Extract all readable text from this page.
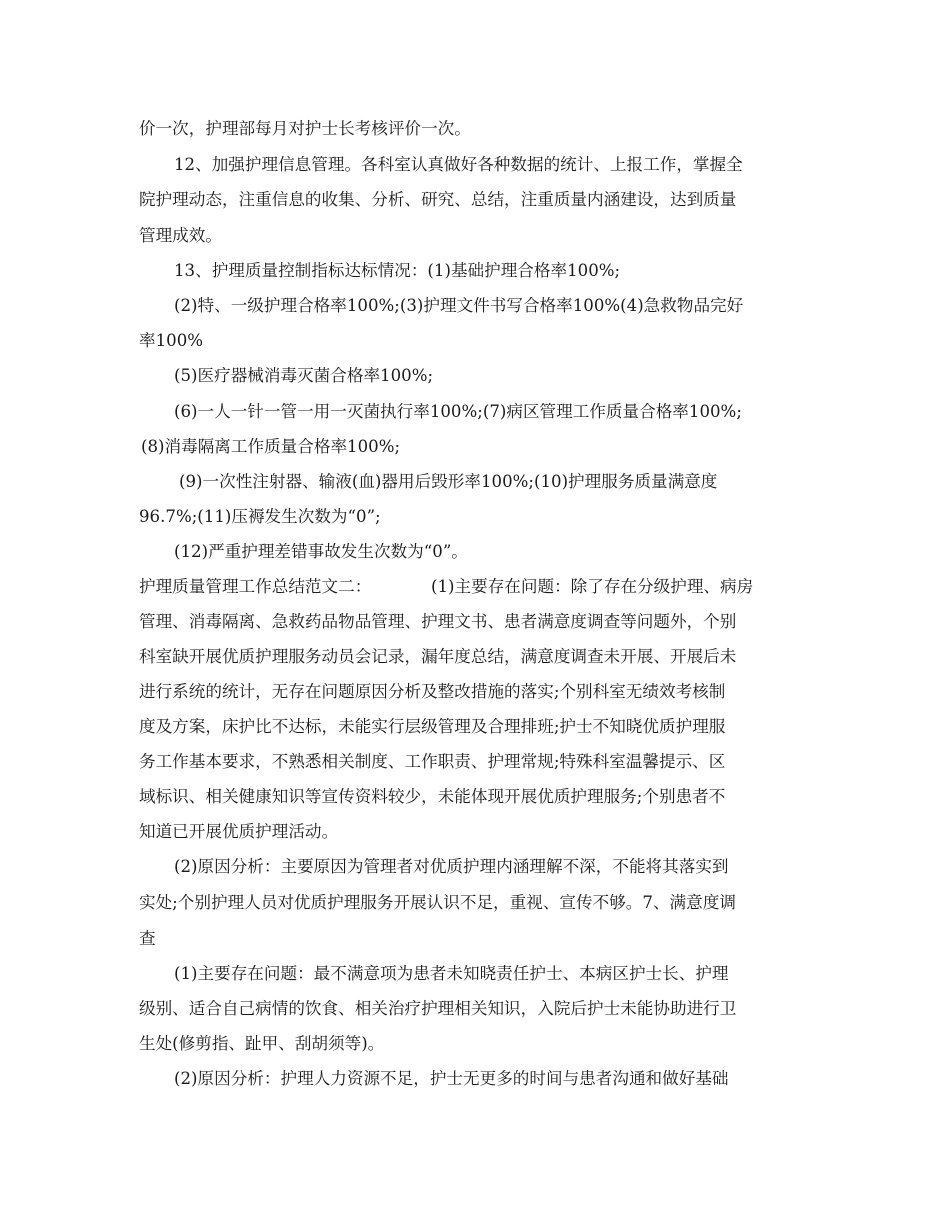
价一次，护理部每月对护士长考核评价一次。

12、加强护理信息管理。各科室认真做好各种数据的统计、上报工作，掌握全

院护理动态，注重信息的收集、分析、研究、总结，注重质量内涵建设，达到质量

管理成效。

13、护理质量控制指标达标情况：(1)基础护理合格率100%;

(2)特、一级护理合格率100%;(3)护理文件书写合格率100%(4)急救物品完好

率100%

(5)医疗器械消毒灭菌合格率100%;

(6)一人一针一管一用一灭菌执行率100%;(7)病区管理工作质量合格率100%;

(8)消毒隔离工作质量合格率100%;

(9)一次性注射器、输液(血)器用后毁形率100%;(10)护理服务质量满意度

96.7%;(11)压褥发生次数为“0”;

(12)严重护理差错事故发生次数为“0”。

护理质量管理工作总结范文二：	(1)主要存在问题：除了存在分级护理、病房

管理、消毒隔离、急救药品物品管理、护理文书、患者满意度调查等问题外，个别

科室缺开展优质护理服务动员会记录，漏年度总结，满意度调查未开展、开展后未

进行系统的统计，无存在问题原因分析及整改措施的落实;个别科室无绩效考核制

度及方案，床护比不达标，未能实行层级管理及合理排班;护士不知晓优质护理服

务工作基本要求，不熟悉相关制度、工作职责、护理常规;特殊科室温馨提示、区

域标识、相关健康知识等宣传资料较少，未能体现开展优质护理服务;个别患者不

知道已开展优质护理活动。

(2)原因分析：主要原因为管理者对优质护理内涵理解不深，不能将其落实到

实处;个别护理人员对优质护理服务开展认识不足，重视、宣传不够。7、满意度调

查

(1)主要存在问题：最不满意项为患者未知晓责任护士、本病区护士长、护理

级别、适合自己病情的饮食、相关治疗护理相关知识，入院后护士未能协助进行卫

生处(修剪指、趾甲、刮胡须等)。

(2)原因分析：护理人力资源不足，护士无更多的时间与患者沟通和做好基础
